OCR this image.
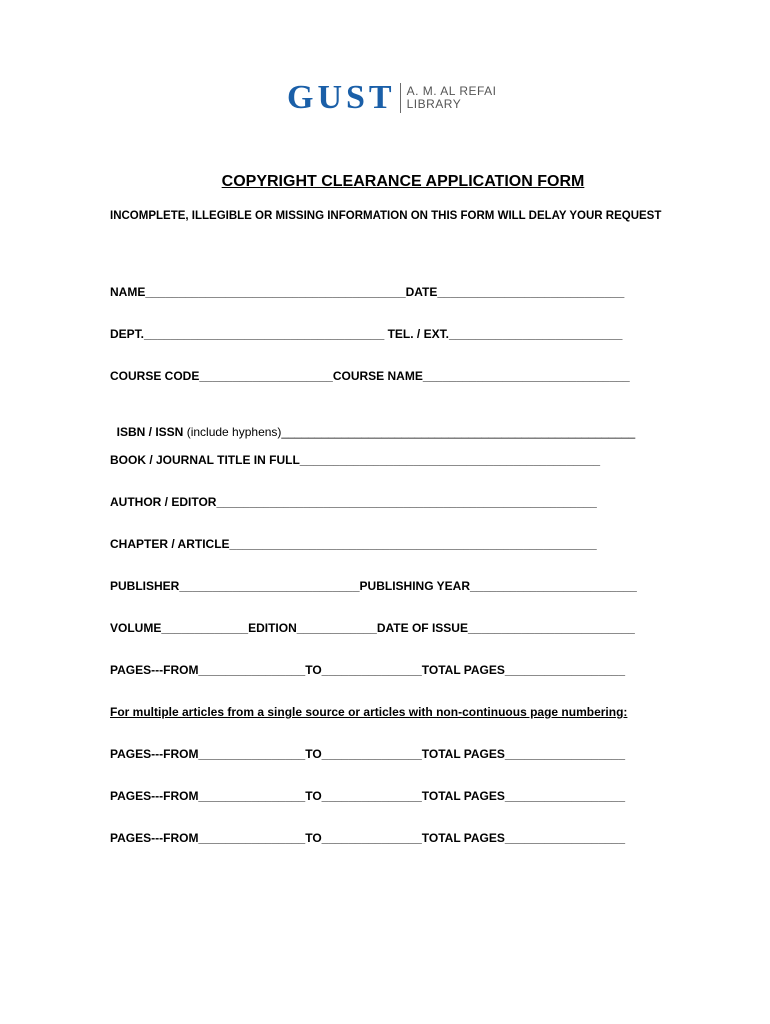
GUST A. M. AL REFAI
LIBRARY
COPYRIGHT CLEARANCE APPLICATION FORM
INCOMPLETE, ILLEGIBLE OR MISSING INFORMATION ON THIS FORM WILL DELAY YOUR REQUEST
NAME_______________________________________DATE____________________________
DEPT.____________________________________ TEL. / EXT.__________________________
COURSE CODE____________________COURSE NAME_______________________________

ISBN / ISSN (include hyphens)_____________________________________________________

BOOK / JOURNAL TITLE IN FULL_____________________________________________
AUTHOR / EDITOR_________________________________________________________
CHAPTER / ARTICLE_______________________________________________________
PUBLISHER___________________________PUBLISHING YEAR_________________________
VOLUME_____________EDITION____________DATE OF ISSUE_________________________
PAGES---FROM________________TO_______________TOTAL PAGES__________________
For multiple articles from a single source or articles with non-continuous page numbering:
PAGES---FROM________________TO_______________TOTAL PAGES__________________
PAGES---FROM________________TO_______________TOTAL PAGES__________________
PAGES---FROM________________TO_______________TOTAL PAGES__________________
